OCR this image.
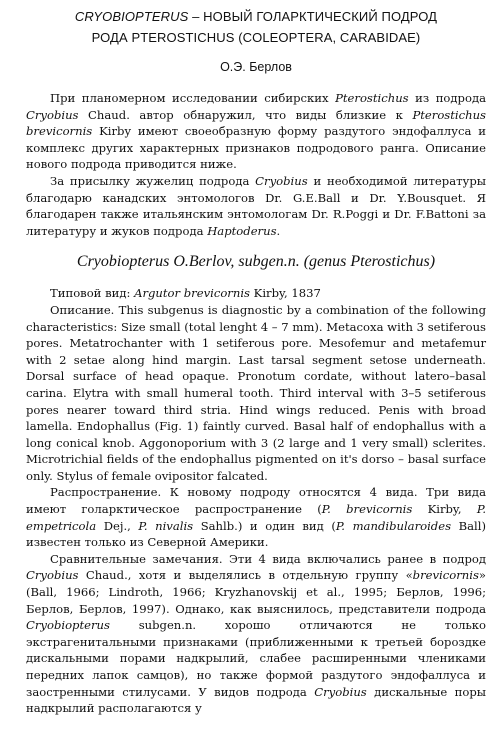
CRYOBIOPTERUS – НОВЫЙ ГОЛАРКТИЧЕСКИЙ ПОДРОД
РОДА PTEROSTICHUS (COLEOPTERA, CARABIDAE)
О.Э. Берлов

При планомерном исследовании сибирских Pterostichus из подрода Cryobius Chaud. автор обнаружил, что виды близкие к Pterostichus brevicornis Kirby имеют своеобразную форму раздутого эндофаллуса и комплекс других характерных признаков подродового ранга. Описание нового подрода приводится ниже.

За присылку жужелиц подрода Cryobius и необходимой литературы благодарю канадских энтомологов Dr. G.E.Ball и Dr. Y.Bousquet. Я благодарен также итальянским энтомологам Dr. R.Poggi и Dr. F.Battoni за литературу и жуков подрода Haptoderus.

Cryobiopterus O.Berlov, subgen.n. (genus Pterostichus)

Типовой вид: Argutor brevicornis Kirby, 1837

Описание. This subgenus is diagnostic by a combination of the following characteristics: Size small (total lenght 4 – 7 mm). Metacoxa with 3 setiferous pores. Metatrochanter with 1 setiferous pore. Mesofemur and metafemur with 2 setae along hind margin. Last tarsal segment setose underneath. Dorsal surface of head opaque. Pronotum cordate, without latero–basal carina. Elytra with small humeral tooth. Third interval with 3–5 setiferous pores nearer toward third stria. Hind wings reduced. Penis with broad lamella. Endophallus (Fig. 1) faintly curved. Basal half of endophallus with a long conical knob. Aggonoporium with 3 (2 large and 1 very small) sclerites. Microtrichial fields of the endophallus pigmented on it's dorso – basal surface only. Stylus of female ovipositor falcated.

Распространение. К новому подроду относятся 4 вида. Три вида имеют голарктическое распространение (P. brevicornis Kirby, P. empetricola Dej., P. nivalis Sahlb.) и один вид (P. mandibularoides Ball) известен только из Северной Америки.

Сравнительные замечания. Эти 4 вида включались ранее в подрод Cryobius Chaud., хотя и выделялись в отдельную группу «brevicornis» (Ball, 1966; Lindroth, 1966; Kryzhanovskij et al., 1995; Берлов, 1996; Берлов, Берлов, 1997). Однако, как выяснилось, представители подрода Cryobiopterus subgen.n. хорошо отличаются не только экстрагенитальными признаками (приближенными к третьей бороздке дискальными порами надкрылий, слабее расширенными члениками передних лапок самцов), но также формой раздутого эндофаллуса и заостренными стилусами. У видов подрода Cryobius дискальные поры надкрылий располагаются у
